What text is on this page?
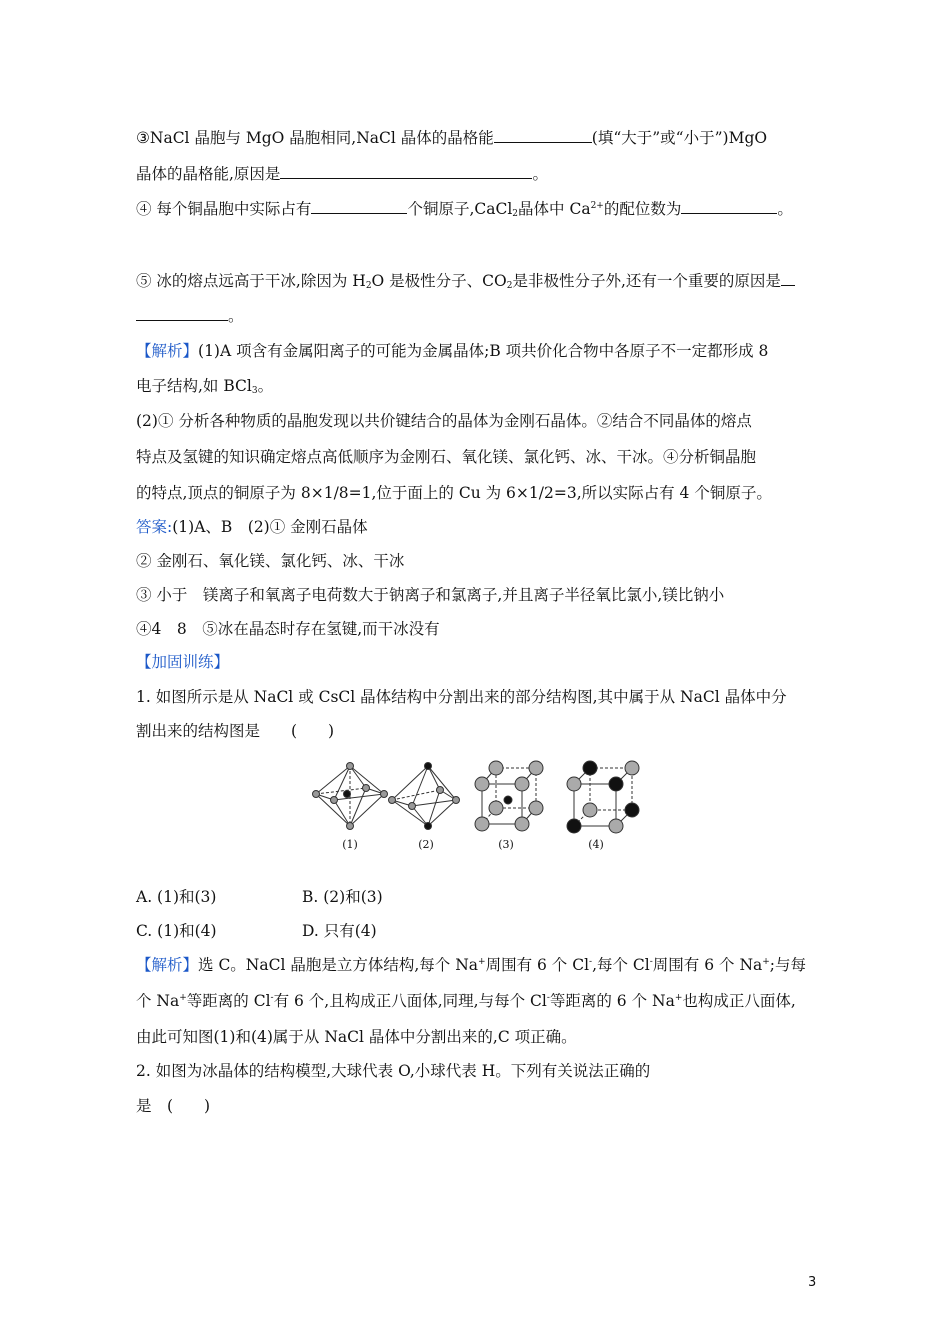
③NaCl 晶胞与 MgO 晶胞相同,NaCl 晶体的晶格能	(填“大于”或“小于”)MgO
晶体的晶格能,原因是	。
④ 每个铜晶胞中实际占有	个铜原子,CaCl$_2$晶体中 $Ca^{2+}$的配位数为	。
⑤ 冰的熔点远高于干冰,除因为 $H_2O$ 是极性分子、$CO_2$是非极性分子外,还有一个重要的原因是
。
【解析】(1)A 项含有金属阳离子的可能为金属晶体;B 项共价化合物中各原子不一定都形成 8
电子结构,如 BCl$_3$。
(2)① 分析各种物质的晶胞发现以共价键结合的晶体为金刚石晶体。②结合不同晶体的熔点
特点及氢键的知识确定熔点高低顺序为金刚石、氧化镁、氯化钙、冰、干冰。④分析铜晶胞
的特点,顶点的铜原子为 8×1/8=1,位于面上的 Cu 为 6×1/2=3,所以实际占有 4 个铜原子。
答案:(1)A、B　(2)① 金刚石晶体
② 金刚石、氧化镁、氯化钙、冰、干冰
③ 小于　镁离子和氧离子电荷数大于钠离子和氯离子,并且离子半径氧比氯小,镁比钠小
④4　8　⑤冰在晶态时存在氢键,而干冰没有
【加固训练】
1. 如图所示是从 NaCl 或 CsCl 晶体结构中分割出来的部分结构图,其中属于从 NaCl 晶体中分
割出来的结构图是　　(　　)
(1)	(2)	(3)	(4)
A. (1)和(3)	B. (2)和(3)
C. (1)和(4)	D. 只有(4)
【解析】选 C。NaCl 晶胞是立方体结构,每个 Na+周围有 6 个 Cl-,每个 Cl-周围有 6 个 Na+;与每
个 Na+等距离的 Cl-有 6 个,且构成正八面体,同理,与每个 Cl-等距离的 6 个 Na+也构成正八面体,
由此可知图(1)和(4)属于从 NaCl 晶体中分割出来的,C 项正确。
2. 如图为冰晶体的结构模型,大球代表 O,小球代表 H。下列有关说法正确的
是　(　　)
3
